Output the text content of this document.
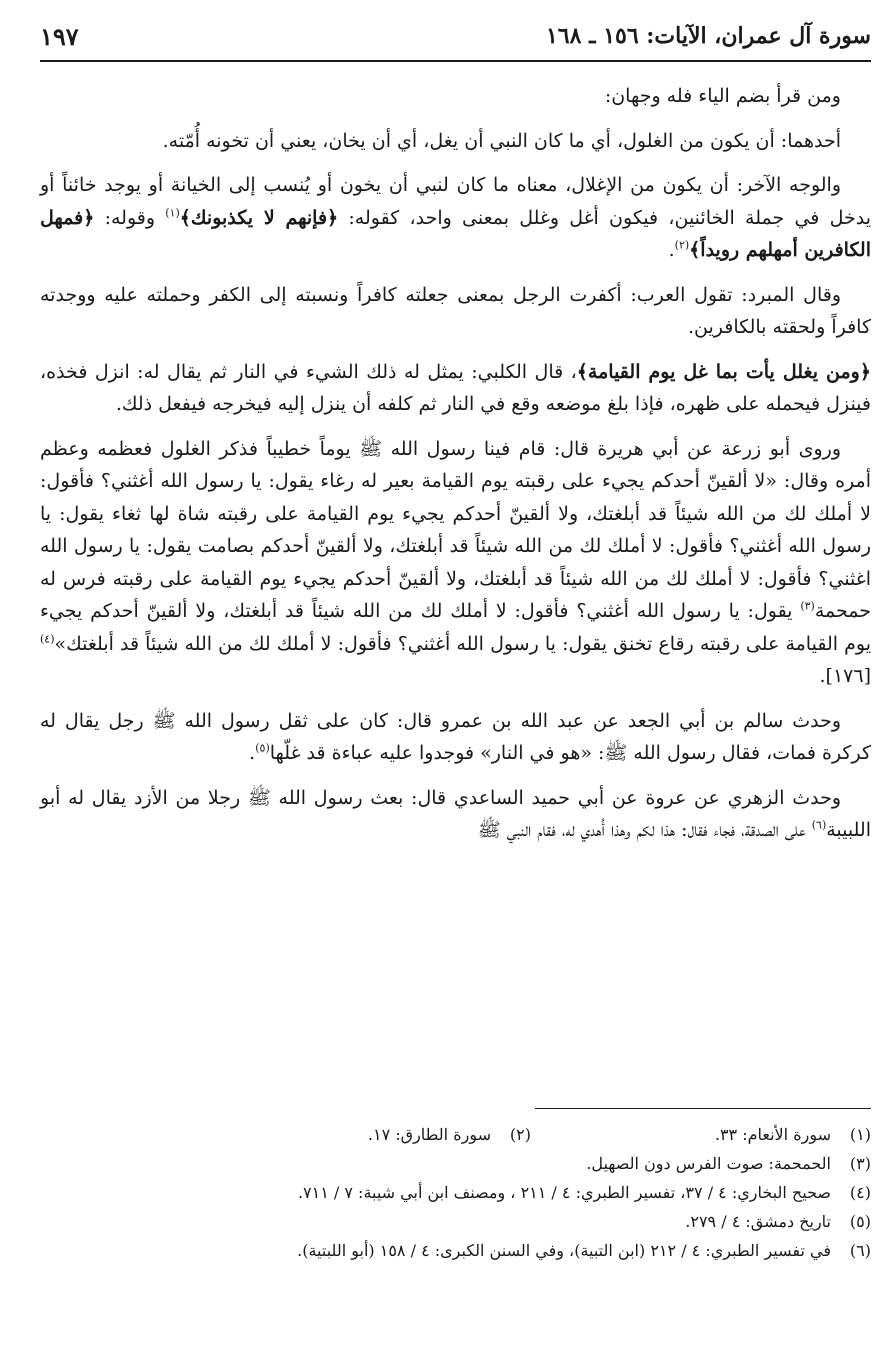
سورة آل عمران، الآيات: ١٥٦ ـ ١٦٨
١٩٧

ومن قرأ بضم الياء فله وجهان:

أحدهما: أن يكون من الغلول، أي ما كان النبي أن يغل، أي أن يخان، يعني أن تخونه أُمّته.

والوجه الآخر: أن يكون من الإغلال، معناه ما كان لنبي أن يخون أو يُنسب إلى الخيانة أو يوجد خائناً أو يدخل في جملة الخائنين، فيكون أغل وغلل بمعنى واحد، كقوله: ﴿فإنهم لا يكذبونك﴾$^{(١)}$ وقوله: ﴿فمهل الكافرين أمهلهم رويداً﴾$^{(٢)}$.

وقال المبرد: تقول العرب: أكفرت الرجل بمعنى جعلته كافراً ونسبته إلى الكفر وحملته عليه ووجدته كافراً ولحقته بالكافرين.

﴿ومن يغلل يأت بما غل يوم القيامة﴾، قال الكلبي: يمثل له ذلك الشيء في النار ثم يقال له: انزل فخذه، فينزل فيحمله على ظهره، فإذا بلغ موضعه وقع في النار ثم كلفه أن ينزل إليه فيخرجه فيفعل ذلك.

وروى أبو زرعة عن أبي هريرة قال: قام فينا رسول الله ﷺ يوماً خطيباً فذكر الغلول فعظمه وعظم أمره وقال: «لا ألقينّ أحدكم يجيء على رقبته يوم القيامة بعير له رغاء يقول: يا رسول الله أغثني؟ فأقول: لا أملك لك من الله شيئاً قد أبلغتك، ولا ألقينّ أحدكم يجيء يوم القيامة على رقبته شاة لها ثغاء يقول: يا رسول الله أغثني؟ فأقول: لا أملك لك من الله شيئاً قد أبلغتك، ولا ألقينّ أحدكم بصامت يقول: يا رسول الله اغثني؟ فأقول: لا أملك لك من الله شيئاً قد أبلغتك، ولا ألقينّ أحدكم يجيء يوم القيامة على رقبته فرس له حمحمة$^{(٣)}$ يقول: يا رسول الله أغثني؟ فأقول: لا أملك لك من الله شيئاً قد أبلغتك، ولا ألقينّ أحدكم يجيء يوم القيامة على رقبته رقاع تخنق يقول: يا رسول الله أغثني؟ فأقول: لا أملك لك من الله شيئاً قد أبلغتك»$^{(٤)}$ [١٧٦].

وحدث سالم بن أبي الجعد عن عبد الله بن عمرو قال: كان على ثقل رسول الله ﷺ رجل يقال له كركرة فمات، فقال رسول الله ﷺ: «هو في النار» فوجدوا عليه عباءة قد غلّها$^{(٥)}$.

وحدث الزهري عن عروة عن أبي حميد الساعدي قال: بعث رسول الله ﷺ رجلا من الأزد يقال له أبو اللبيبة$^{(٦)}$ على الصدقة، فجاء فقال: هذا لكم وهذا أُهدي له، فقام النبي ﷺ

(١)
سورة الأنعام: ٣٣.
(٢)
سورة الطارق: ١٧.
(٣)
الحمحمة: صوت الفرس دون الصهيل.
(٤)
صحيح البخاري: ٤ / ٣٧، تفسير الطبري: ٤ / ٢١١ ، ومصنف ابن أبي شيبة: ٧ / ٧١١.
(٥)
تاريخ دمشق: ٤ / ٢٧٩.
(٦)
في تفسير الطبري: ٤ / ٢١٢ (ابن التبية)، وفي السنن الكبرى: ٤ / ١٥٨ (أبو اللبتية).
